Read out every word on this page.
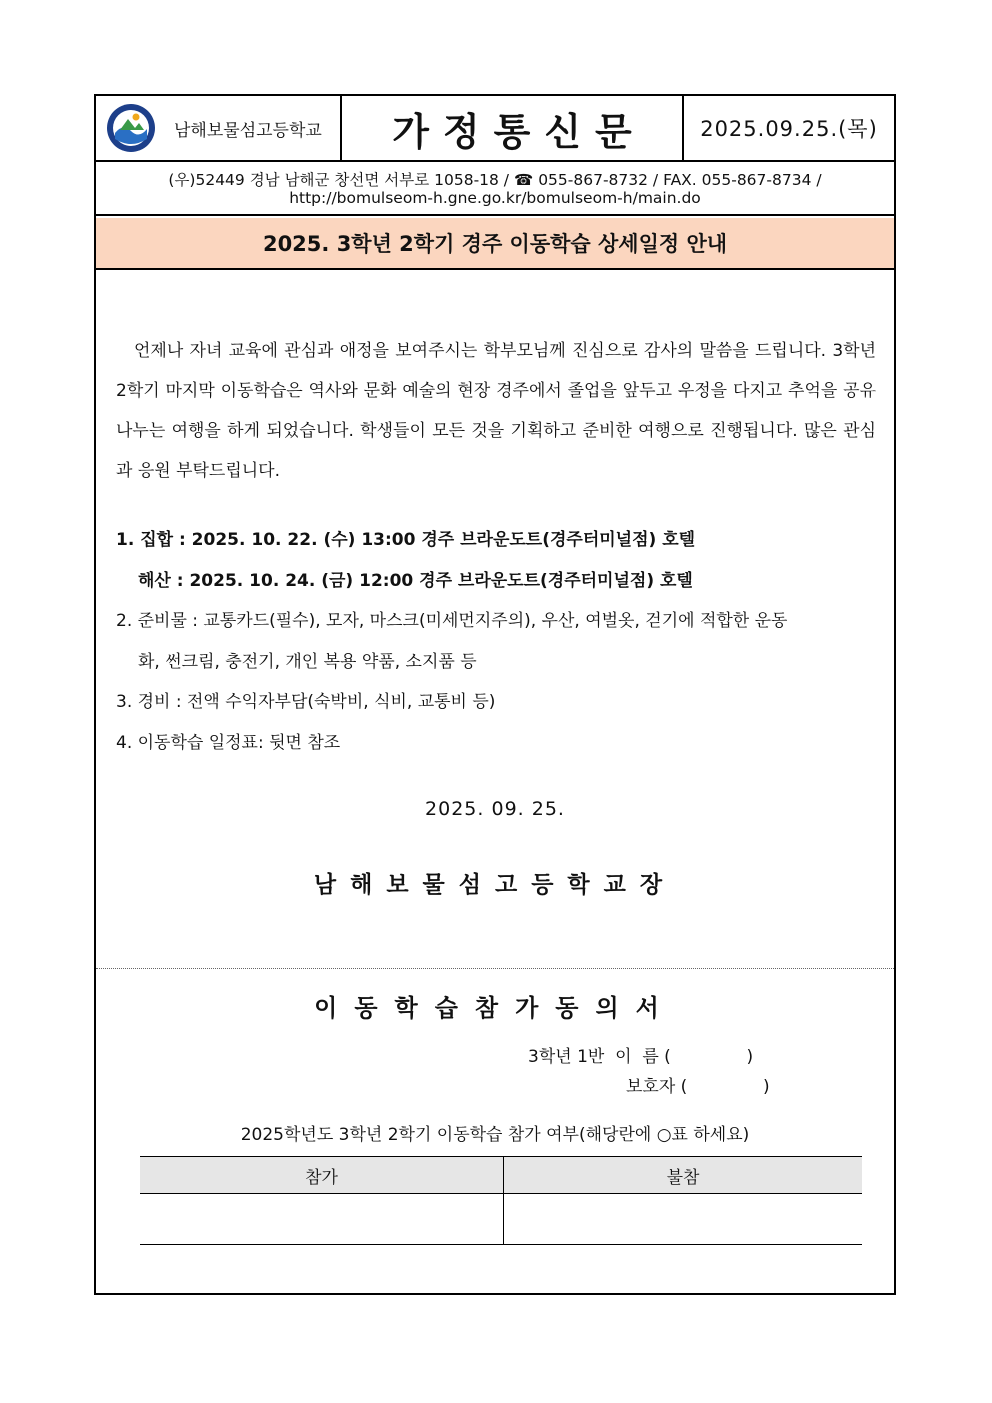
남해보물섬고등학교 가정통신문	2025.09.25.(목)
(우)52449 경남 남해군 창선면 서부로 1058-18 / ☎ 055-867-8732 / FAX. 055-867-8734 /
http://bomulseom-h.gne.go.kr/bomulseom-h/main.do
2025. 3학년 2학기 경주 이동학습 상세일정 안내

언제나 자녀 교육에 관심과 애정을 보여주시는 학부모님께 진심으로 감사의 말씀을 드립니다. 3학년 2학기 마지막 이동학습은 역사와 문화 예술의 현장 경주에서 졸업을 앞두고 우정을 다지고 추억을 공유나누는 여행을 하게 되었습니다. 학생들이 모든 것을 기획하고 준비한 여행으로 진행됩니다. 많은 관심과 응원 부탁드립니다.

1. 집합 : 2025. 10. 22. (수) 13:00 경주 브라운도트(경주터미널점) 호텔
해산 : 2025. 10. 24. (금) 12:00 경주 브라운도트(경주터미널점) 호텔
2. 준비물 : 교통카드(필수), 모자, 마스크(미세먼지주의), 우산, 여벌옷, 걷기에 적합한 운동
화, 썬크림, 충전기, 개인 복용 약품, 소지품 등
3. 경비 : 전액 수익자부담(숙박비, 식비, 교통비 등)
4. 이동학습 일정표: 뒷면 참조
2025. 09. 25.
남해보물섬고등학교장
이동학습참가동의서
3학년 1반  이  름 (              )
보호자 (              )
2025학년도 3학년 2학기 이동학습 참가 여부(해당란에 ○표 하세요)
참가	불참
